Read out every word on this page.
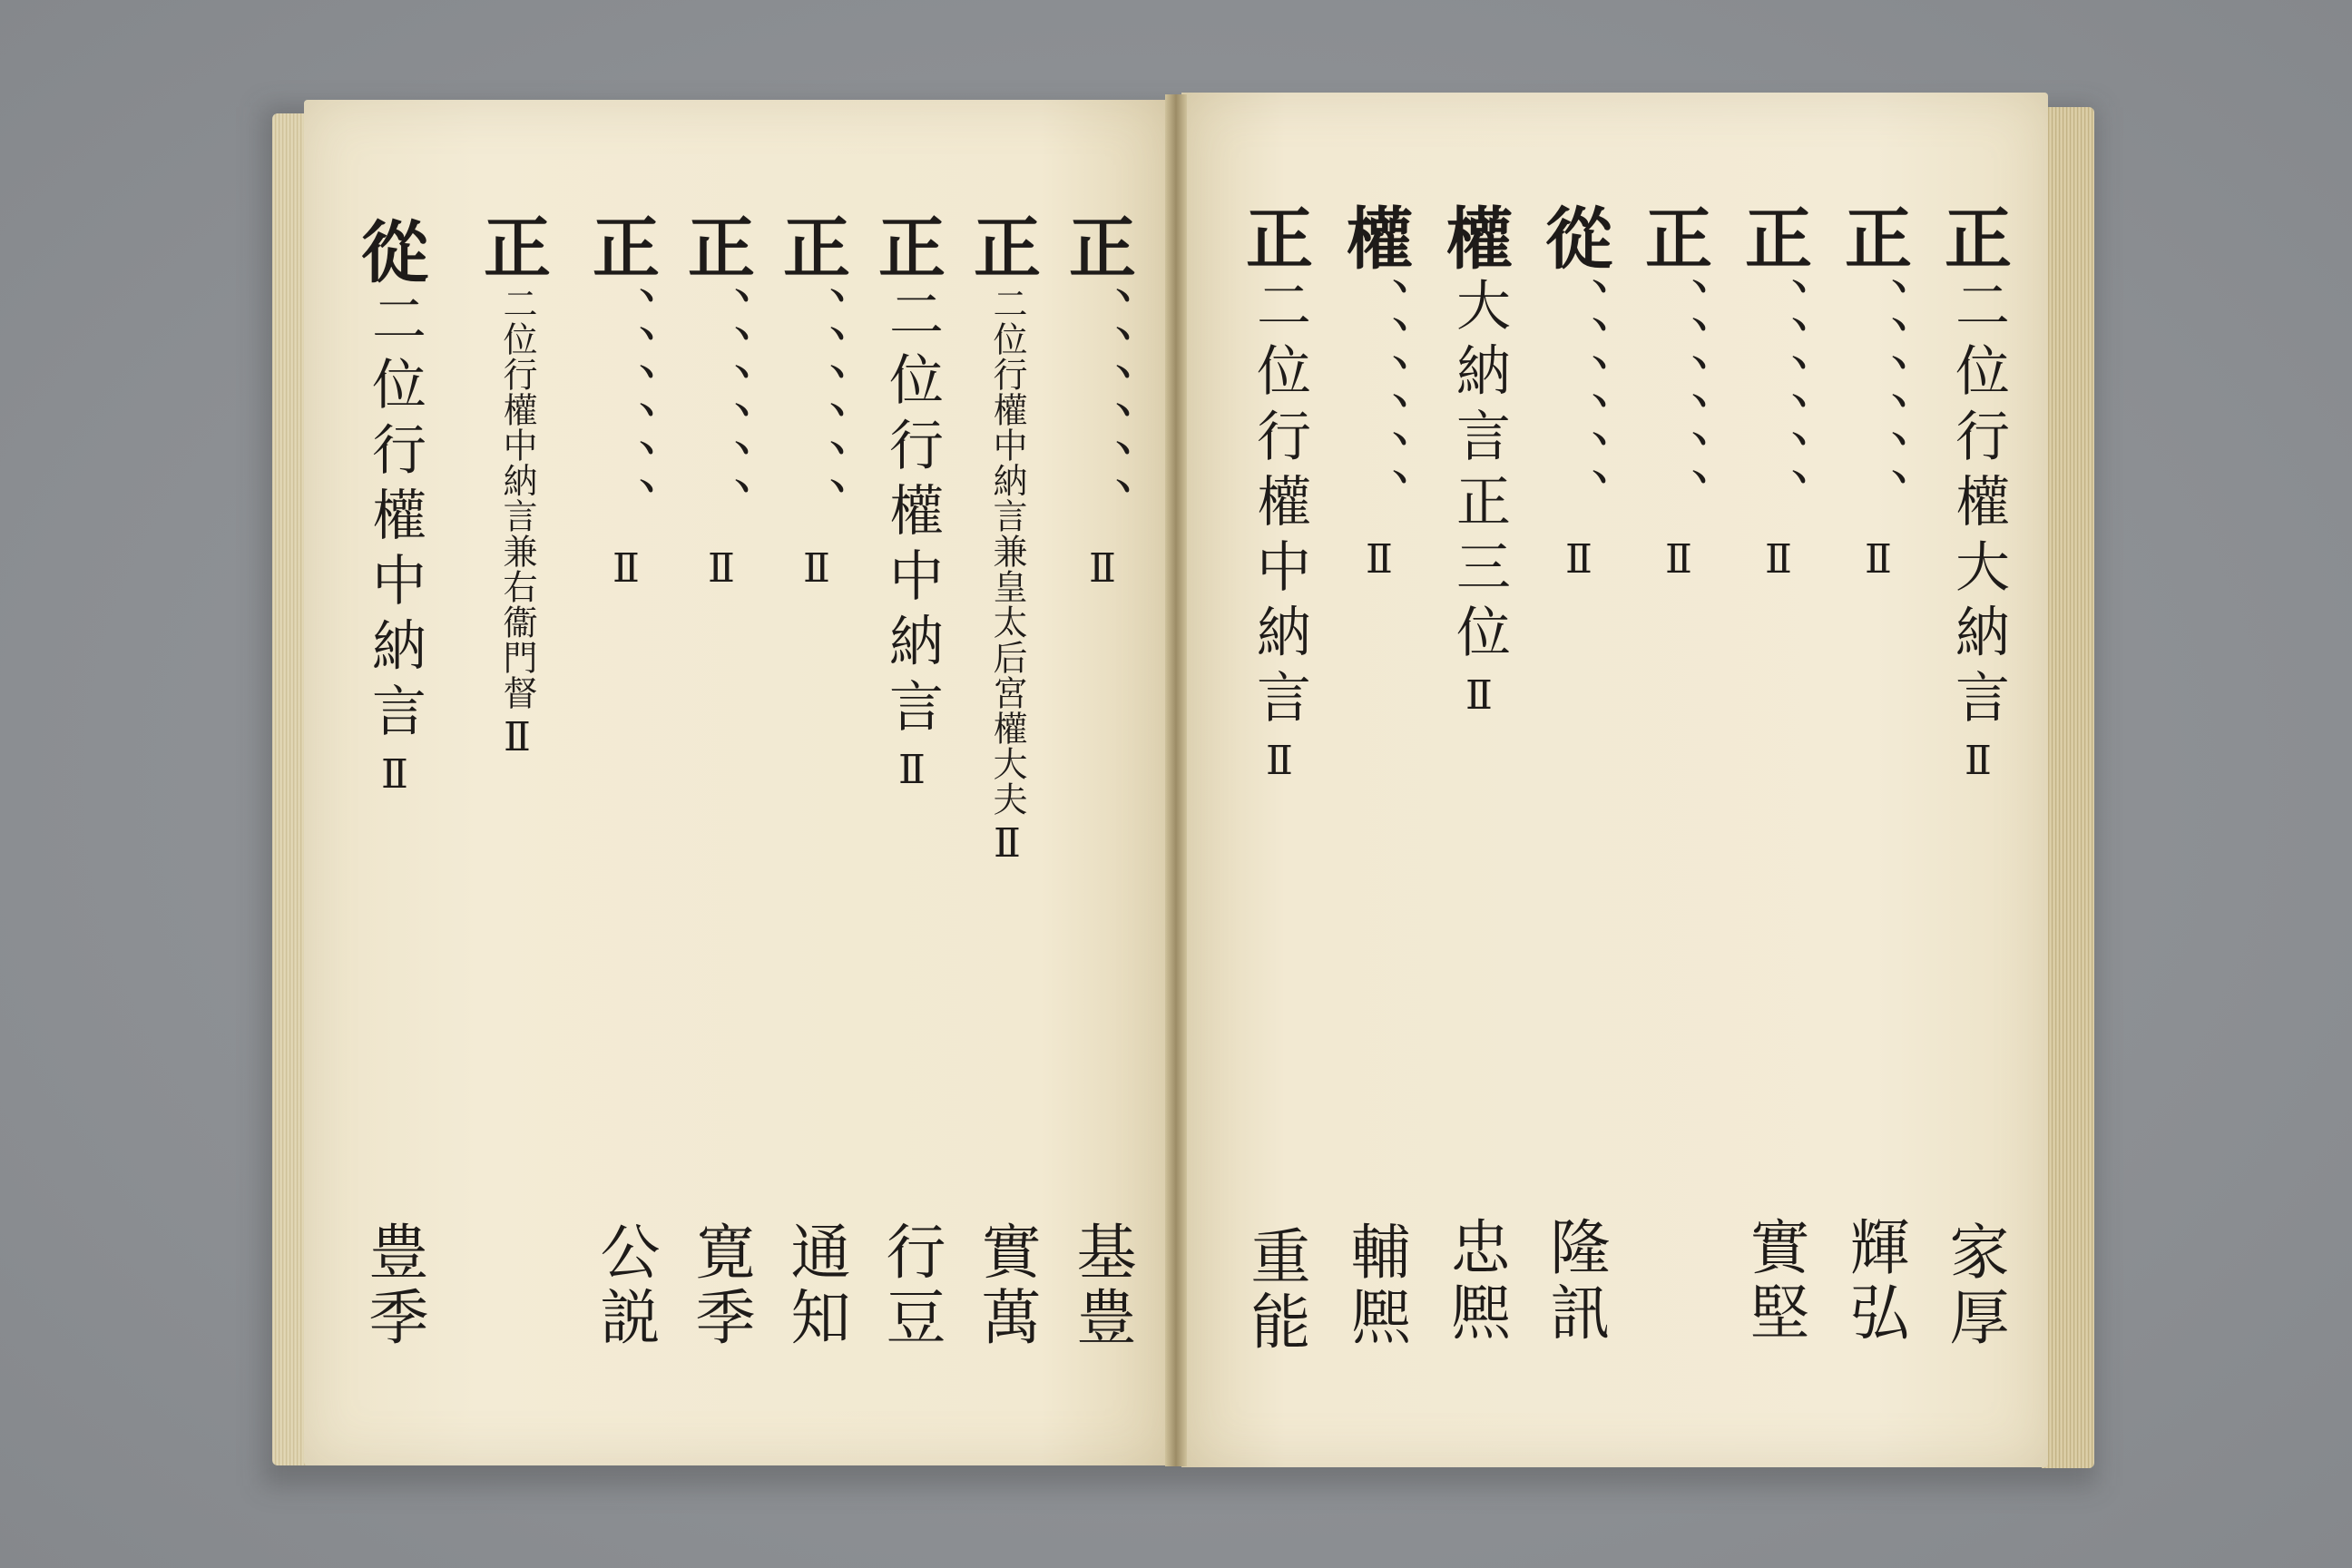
正
二位行權大納言
Ⅱ
正
、、、、、、
Ⅱ
正
、、、、、、
Ⅱ
正
、、、、、、
Ⅱ
從
、、、、、、
Ⅱ
權
大納言正三位
Ⅱ
權
、、、、、、
Ⅱ
正
二位行權中納言
Ⅱ
家厚
輝弘
實堅
隆訊
忠熈
輔熈
重能
正
、、、、、、
Ⅱ
正
二位行權中納言兼皇太后宮權大夫
Ⅱ
正
二位行權中納言
Ⅱ
正
、、、、、、
Ⅱ
正
、、、、、、
Ⅱ
正
、、、、、、
Ⅱ
正
二位行權中納言兼右衞門督
Ⅱ
從
二位行權中納言
Ⅱ
基豊
實萬
行豆
通知
寛季
公説
豊季
